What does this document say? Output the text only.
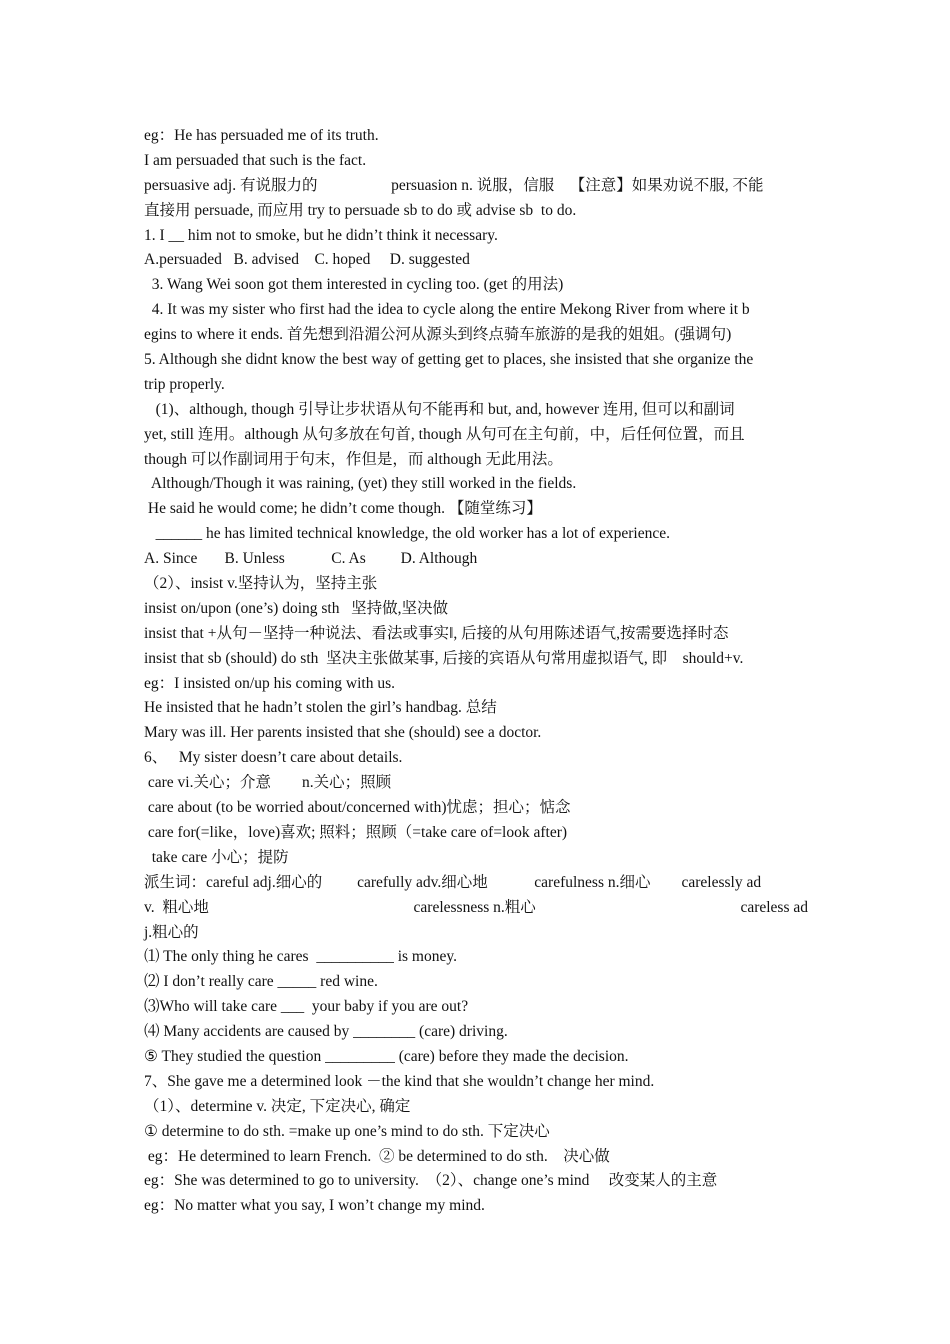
eg：He has persuaded me of its truth.
I am persuaded that such is the fact.
persuasive adj. 有说服力的                   persuasion n. 说服，信服    【注意】如果劝说不服, 不能
直接用 persuade, 而应用 try to persuade sb to do 或 advise sb  to do.
1. I __ him not to smoke, but he didn’t think it necessary.
A.persuaded   B. advised    C. hoped     D. suggested
3. Wang Wei soon got them interested in cycling too. (get 的用法)
4. It was my sister who first had the idea to cycle along the entire Mekong River from where it b
egins to where it ends. 首先想到沿湄公河从源头到终点骑车旅游的是我的姐姐。(强调句)
5. Although she didnt know the best way of getting get to places, she insisted that she organize the
trip properly.
(1)、although, though 引导让步状语从句不能再和 but, and, however 连用, 但可以和副词
yet, still 连用。although 从句多放在句首, though 从句可在主句前，中，后任何位置，而且
though 可以作副词用于句末，作但是，而 although 无此用法。
Although/Though it was raining, (yet) they still worked in the fields.
He said he would come; he didn’t come though. 【随堂练习】
______ he has limited technical knowledge, the old worker has a lot of experience.
A. Since       B. Unless            C. As         D. Although
（2）、insist v.坚持认为，坚持主张
insist on/upon (one’s) doing sth   坚持做,坚决做
insist that +从句－坚持一种说法、看法或事实‖, 后接的从句用陈述语气,按需要选择时态
insist that sb (should) do sth  坚决主张做某事, 后接的宾语从句常用虚拟语气, 即    should+v.
eg：I insisted on/up his coming with us.
He insisted that he hadn’t stolen the girl’s handbag. 总结
Mary was ill. Her parents insisted that she (should) see a doctor.
6、   My sister doesn’t care about details.
care vi.关心；介意        n.关心；照顾
care about (to be worried about/concerned with)忧虑；担心；惦念
care for(=like，love)喜欢; 照料；照顾（=take care of=look after)
take care 小心；提防
派生词：careful adj.细心的         carefully adv.细心地            carefulness n.细心        carelessly ad
v.  粗心地	carelessness n.粗心	careless ad
j.粗心的
⑴ The only thing he cares  __________ is money.
⑵ I don’t really care _____ red wine.
⑶Who will take care ___  your baby if you are out?
⑷ Many accidents are caused by ________ (care) driving.
⑤ They studied the question _________ (care) before they made the decision.
7、She gave me a determined look －the kind that she wouldn’t change her mind.
（1）、determine v. 决定, 下定决心, 确定
① determine to do sth. =make up one’s mind to do sth. 下定决心
eg：He determined to learn French.  ② be determined to do sth.    决心做
eg：She was determined to go to university.  （2）、change one’s mind     改变某人的主意
eg：No matter what you say, I won’t change my mind.
